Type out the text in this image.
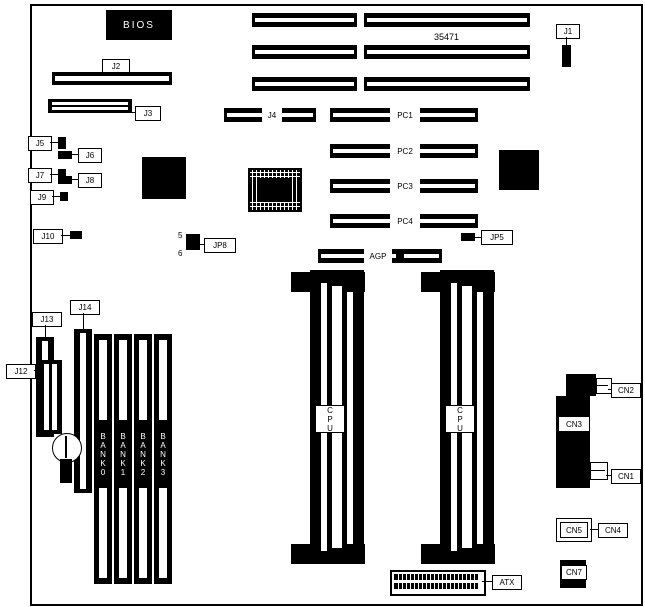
BIOS
35471
PC1
PC2
PC3
PC4
J4
AGP
J2
J3
J5
J6
J7
J8
J9
J10	5
6
JP8
JP5
J1
CPU	CPU
J14
J13
J12
BANK0 BANK1 BANK2 BANK3
CN2
CN3
CN1
CN5	CN4
CN7
ATX
